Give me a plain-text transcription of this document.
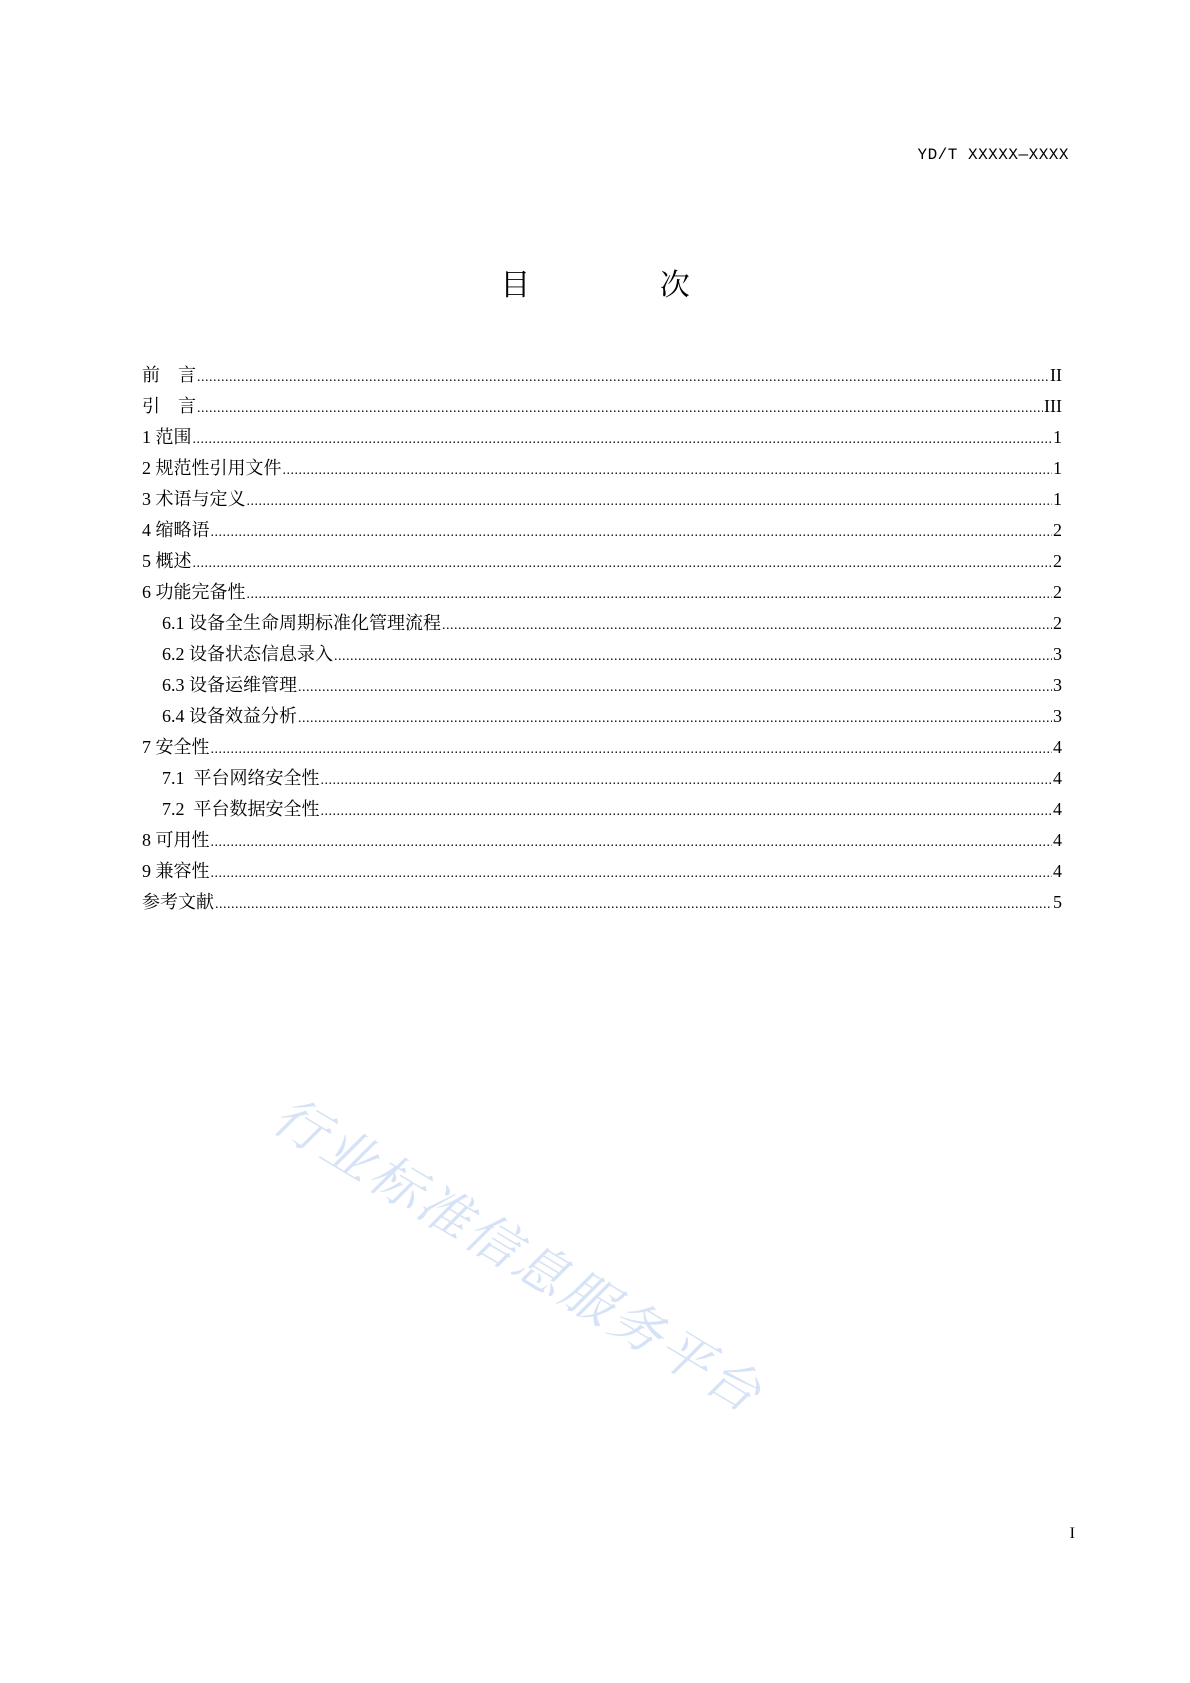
YD/T XXXXX—XXXX
目 次
前　言 .....	II
引　言 .....	III
1 范围 .....	1
2 规范性引用文件 .....	1
3 术语与定义 .....	1
4 缩略语 .....	2
5 概述 .....	2
6 功能完备性 .....	2
6.1 设备全生命周期标准化管理流程 .....	2
6.2 设备状态信息录入 .....	3
6.3 设备运维管理 .....	3
6.4 设备效益分析 .....	3
7 安全性 .....	4
7.1  平台网络安全性 .....	4
7.2  平台数据安全性 .....	4
8 可用性 .....	4
9 兼容性 .....	4
参考文献 .....	5
行业标准信息服务平台
I
